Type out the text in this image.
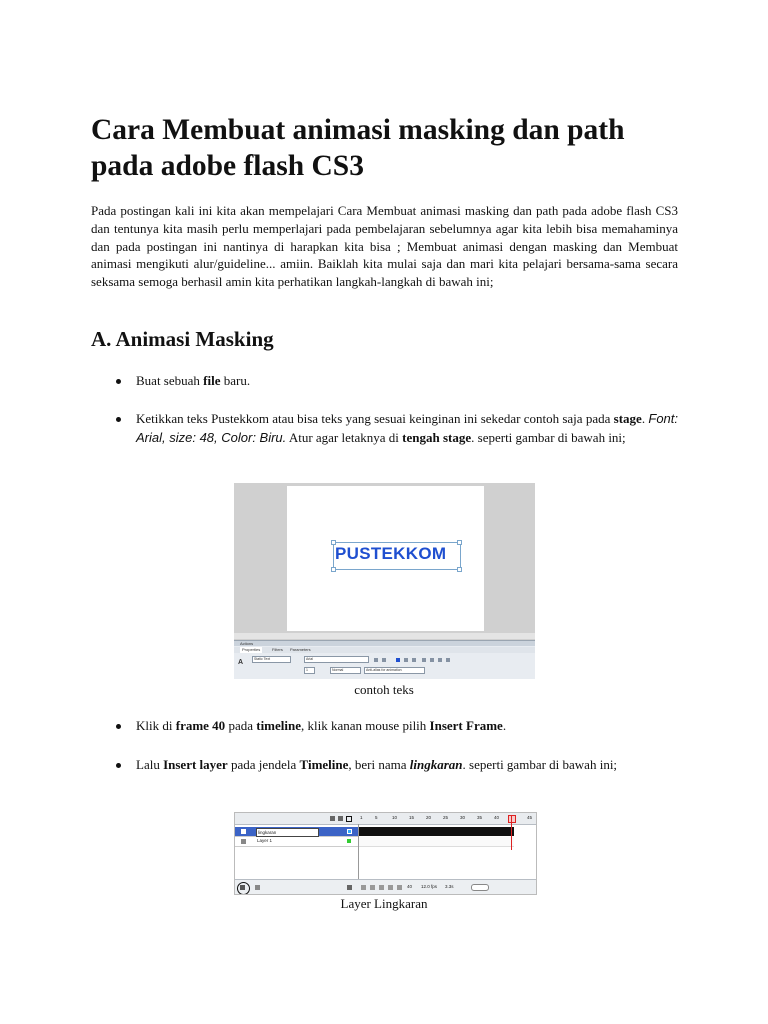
Cara Membuat animasi masking dan path pada adobe flash CS3

Pada postingan kali ini kita akan mempelajari Cara Membuat animasi masking dan path pada adobe flash CS3 dan tentunya kita masih perlu memperlajari pada pembelajaran sebelumnya agar kita lebih bisa memahaminya dan pada postingan ini nantinya di harapkan kita bisa ; Membuat animasi dengan masking dan Membuat animasi mengikuti alur/guideline... amiin. Baiklah kita mulai saja dan mari kita pelajari bersama-sama secara seksama semoga berhasil amin kita perhatikan langkah-langkah di bawah ini;

A. Animasi Masking

Buat sebuah file baru.

Ketikkan teks Pustekkom atau bisa teks yang sesuai keinginan ini sekedar contoh saja pada stage. Font: Arial, size: 48, Color: Biru. Atur agar letaknya di tengah stage. seperti gambar di bawah ini;

PUSTEKKOM
Actions
Properties	Filters	Parameters
A	Static Text	Arial
1	Normal	Anti-alias for animation
contoh teks

Klik di frame 40 pada timeline, klik kanan mouse pilih Insert Frame.

Lalu Insert layer pada jendela Timeline, beri nama lingkaran. seperti gambar di bawah ini;

1	5	10	15	20	25	30	35	40	45
lingkaran
Layer 1
40 12.0 fps 3.3s
Layer Lingkaran
